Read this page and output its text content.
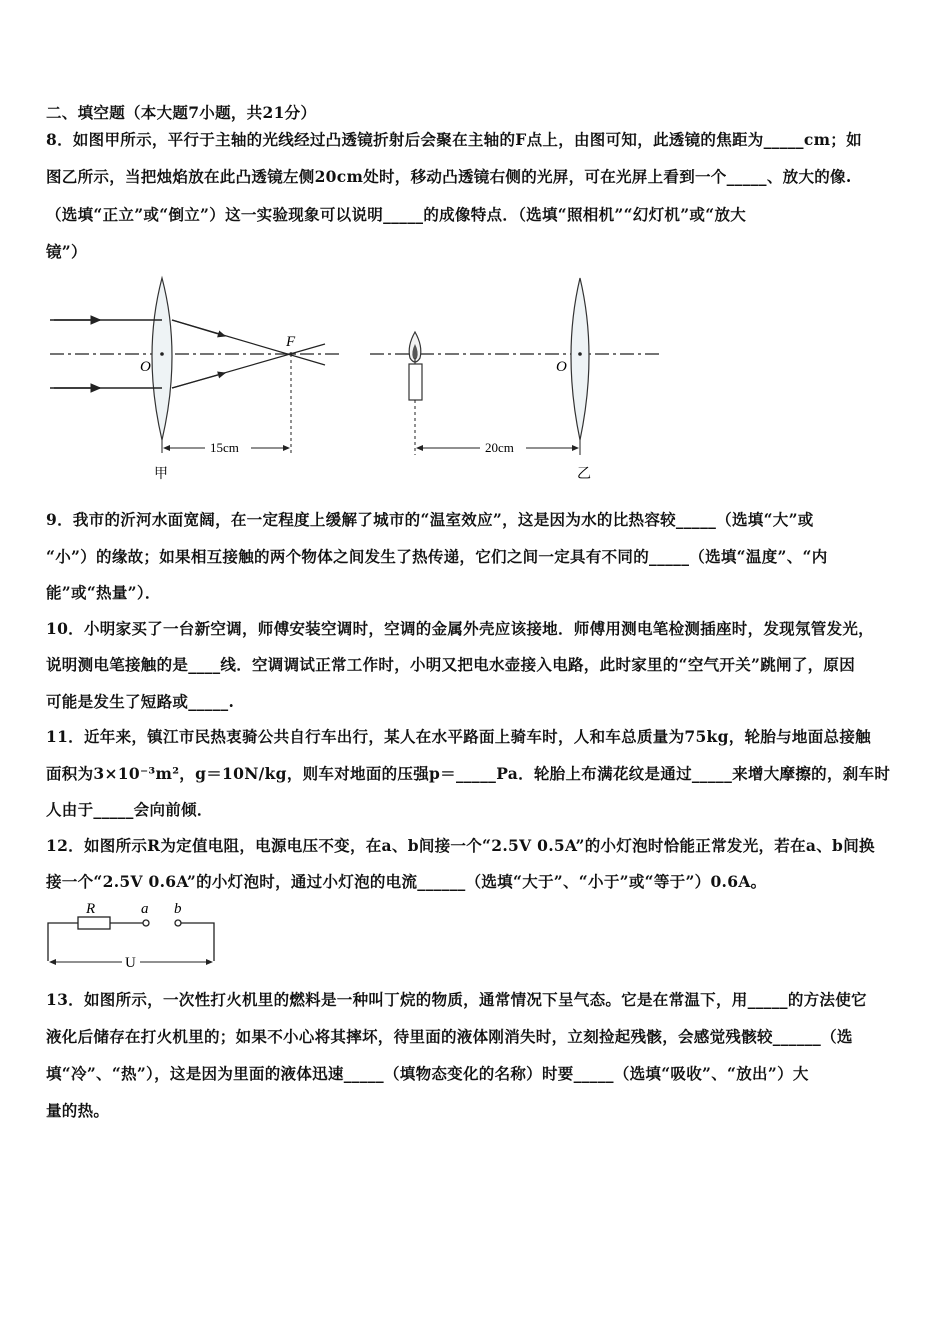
二、填空题（本大题7小题，共21分）
8．如图甲所示，平行于主轴的光线经过凸透镜折射后会聚在主轴的F点上，由图可知，此透镜的焦距为_____cm；如
图乙所示，当把烛焰放在此凸透镜左侧20cm处时，移动凸透镜右侧的光屏，可在光屏上看到一个_____、放大的像.
（选填“正立”或“倒立”）这一实验现象可以说明_____的成像特点．（选填“照相机”“幻灯机”或“放大
镜”）
O
F
15cm
甲
O
20cm
乙
9．我市的沂河水面宽阔，在一定程度上缓解了城市的“温室效应”，这是因为水的比热容较_____（选填“大”或
“小”）的缘故；如果相互接触的两个物体之间发生了热传递，它们之间一定具有不同的_____（选填“温度”、“内
能”或“热量”）．
10．小明家买了一台新空调，师傅安装空调时，空调的金属外壳应该接地．师傅用测电笔检测插座时，发现氖管发光，
说明测电笔接触的是____线．空调调试正常工作时，小明又把电水壶接入电路，此时家里的“空气开关”跳闸了，原因
可能是发生了短路或_____.
11．近年来，镇江市民热衷骑公共自行车出行，某人在水平路面上骑车时，人和车总质量为75kg，轮胎与地面总接触
面积为3×10⁻³m²，g＝10N/kg，则车对地面的压强p＝_____Pa．轮胎上布满花纹是通过_____来增大摩擦的，刹车时
人由于_____会向前倾．
12．如图所示R为定值电阻，电源电压不变，在a、b间接一个“2.5V 0.5A”的小灯泡时恰能正常发光，若在a、b间换
接一个“2.5V 0.6A”的小灯泡时，通过小灯泡的电流______（选填“大于”、“小于”或“等于”）0.6A。
R	a b
U
13．如图所示，一次性打火机里的燃料是一种叫丁烷的物质，通常情况下呈气态。它是在常温下，用_____的方法使它
液化后储存在打火机里的；如果不小心将其摔坏，待里面的液体刚消失时，立刻捡起残骸，会感觉残骸较______（选
填“冷”、“热”），这是因为里面的液体迅速_____（填物态变化的名称）时要_____（选填“吸收”、“放出”）大
量的热。
